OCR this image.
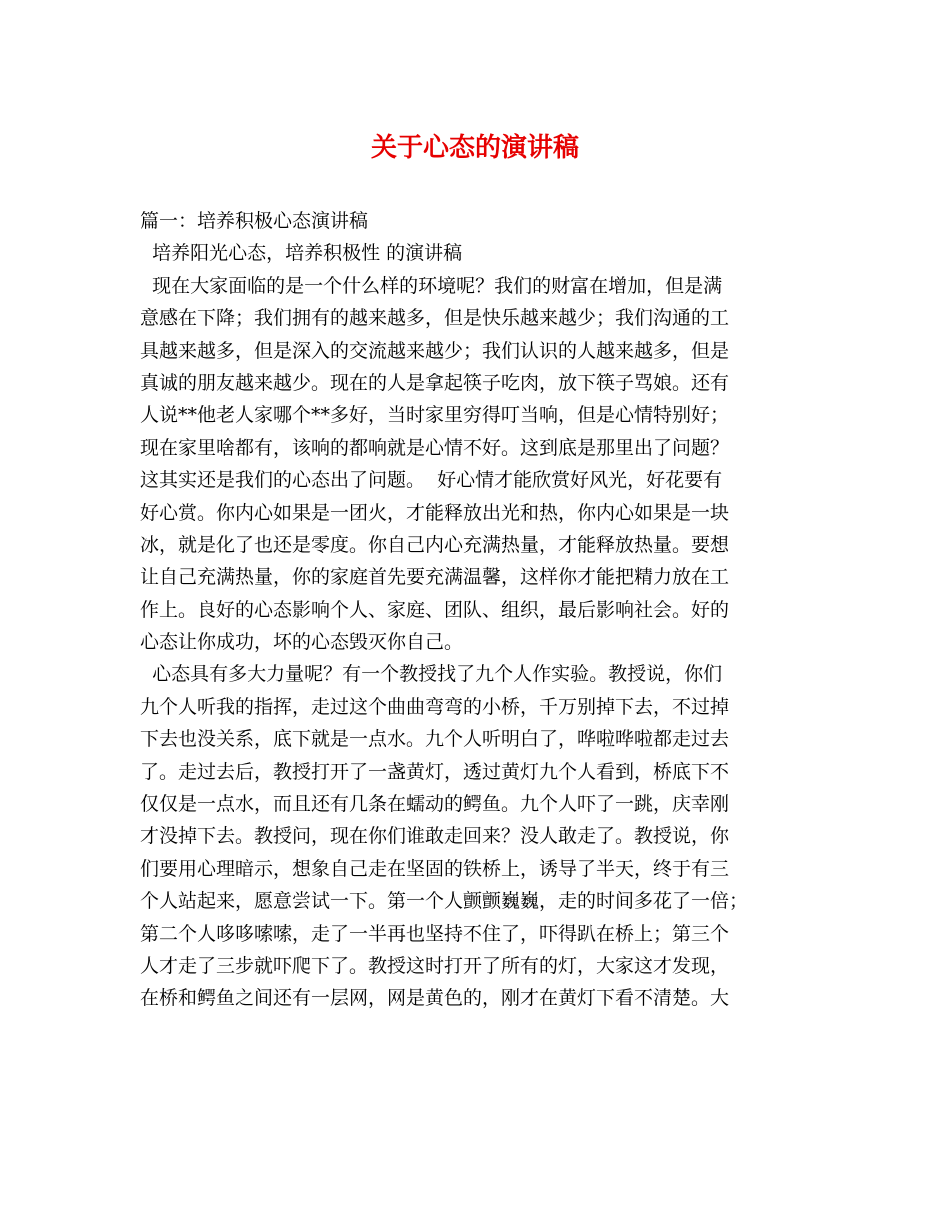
关于心态的演讲稿
篇一：培养积极心态演讲稿
培养阳光心态，培养积极性 的演讲稿
现在大家面临的是一个什么样的环境呢？我们的财富在增加，但是满
意感在下降；我们拥有的越来越多，但是快乐越来越少；我们沟通的工
具越来越多，但是深入的交流越来越少；我们认识的人越来越多，但是
真诚的朋友越来越少。现在的人是拿起筷子吃肉，放下筷子骂娘。还有
人说**他老人家哪个**多好，当时家里穷得叮当响，但是心情特别好；
现在家里啥都有，该响的都响就是心情不好。这到底是那里出了问题？
这其实还是我们的心态出了问题。  好心情才能欣赏好风光，好花要有
好心赏。你内心如果是一团火，才能释放出光和热，你内心如果是一块
冰，就是化了也还是零度。你自己内心充满热量，才能释放热量。要想
让自己充满热量，你的家庭首先要充满温馨，这样你才能把精力放在工
作上。良好的心态影响个人、家庭、团队、组织，最后影响社会。好的
心态让你成功，坏的心态毁灭你自己。
心态具有多大力量呢？有一个教授找了九个人作实验。教授说，你们
九个人听我的指挥，走过这个曲曲弯弯的小桥，千万别掉下去，不过掉
下去也没关系，底下就是一点水。九个人听明白了，哗啦哗啦都走过去
了。走过去后，教授打开了一盏黄灯，透过黄灯九个人看到，桥底下不
仅仅是一点水，而且还有几条在蠕动的鳄鱼。九个人吓了一跳，庆幸刚
才没掉下去。教授问，现在你们谁敢走回来？没人敢走了。教授说，你
们要用心理暗示，想象自己走在坚固的铁桥上，诱导了半天，终于有三
个人站起来，愿意尝试一下。第一个人颤颤巍巍，走的时间多花了一倍；
第二个人哆哆嗦嗦，走了一半再也坚持不住了，吓得趴在桥上；第三个
人才走了三步就吓爬下了。教授这时打开了所有的灯，大家这才发现，
在桥和鳄鱼之间还有一层网，网是黄色的，刚才在黄灯下看不清楚。大
